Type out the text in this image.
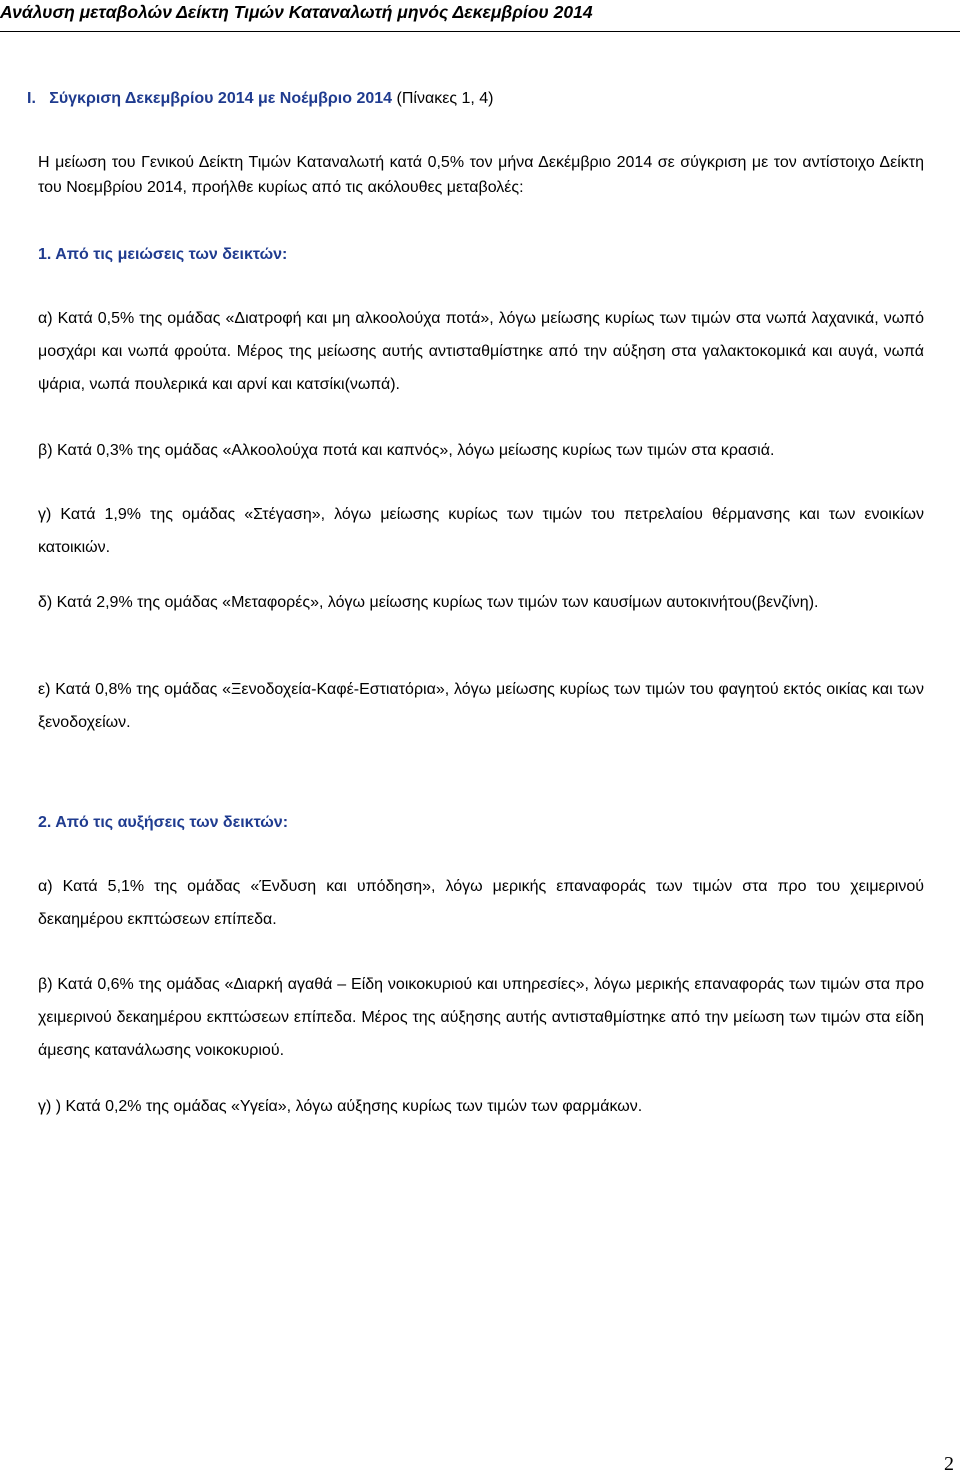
Ανάλυση μεταβολών Δείκτη Τιμών Καταναλωτή μηνός Δεκεμβρίου 2014

I. Σύγκριση Δεκεμβρίου 2014 με Νοέμβριο 2014 (Πίνακες 1, 4)

Η μείωση του Γενικού Δείκτη Τιμών Καταναλωτή κατά 0,5% τον μήνα Δεκέμβριο 2014 σε σύγκριση με τον αντίστοιχο Δείκτη του Νοεμβρίου 2014, προήλθε κυρίως από τις ακόλουθες μεταβολές:

1. Από τις μειώσεις των δεικτών:

α) Κατά 0,5% της ομάδας «Διατροφή και μη αλκοολούχα ποτά», λόγω μείωσης κυρίως των τιμών στα νωπά λαχανικά, νωπό μοσχάρι και νωπά φρούτα. Μέρος της μείωσης αυτής αντισταθμίστηκε από την αύξηση στα γαλακτοκομικά και αυγά, νωπά ψάρια, νωπά πουλερικά και αρνί και κατσίκι(νωπά).

β) Κατά 0,3% της ομάδας «Αλκοολούχα ποτά και καπνός», λόγω μείωσης κυρίως των τιμών στα κρασιά.

γ) Κατά 1,9% της ομάδας «Στέγαση», λόγω μείωσης κυρίως των τιμών του πετρελαίου θέρμανσης και των ενοικίων κατοικιών.

δ) Κατά 2,9% της ομάδας «Μεταφορές», λόγω μείωσης κυρίως των τιμών των καυσίμων αυτοκινήτου(βενζίνη).

ε) Κατά 0,8% της ομάδας «Ξενοδοχεία-Καφέ-Εστιατόρια», λόγω μείωσης κυρίως των τιμών του φαγητού εκτός οικίας και των ξενοδοχείων.

2. Από τις αυξήσεις των δεικτών:

α) Κατά 5,1% της ομάδας «Ένδυση και υπόδηση», λόγω μερικής επαναφοράς των τιμών στα προ του χειμερινού δεκαημέρου εκπτώσεων επίπεδα.

β) Κατά 0,6% της ομάδας «Διαρκή αγαθά – Είδη νοικοκυριού και υπηρεσίες», λόγω μερικής επαναφοράς των τιμών στα προ χειμερινού δεκαημέρου εκπτώσεων επίπεδα. Μέρος της αύξησης αυτής αντισταθμίστηκε από την μείωση των τιμών στα είδη άμεσης κατανάλωσης νοικοκυριού.

γ) ) Κατά 0,2% της ομάδας «Υγεία», λόγω αύξησης κυρίως των τιμών των φαρμάκων.

2
